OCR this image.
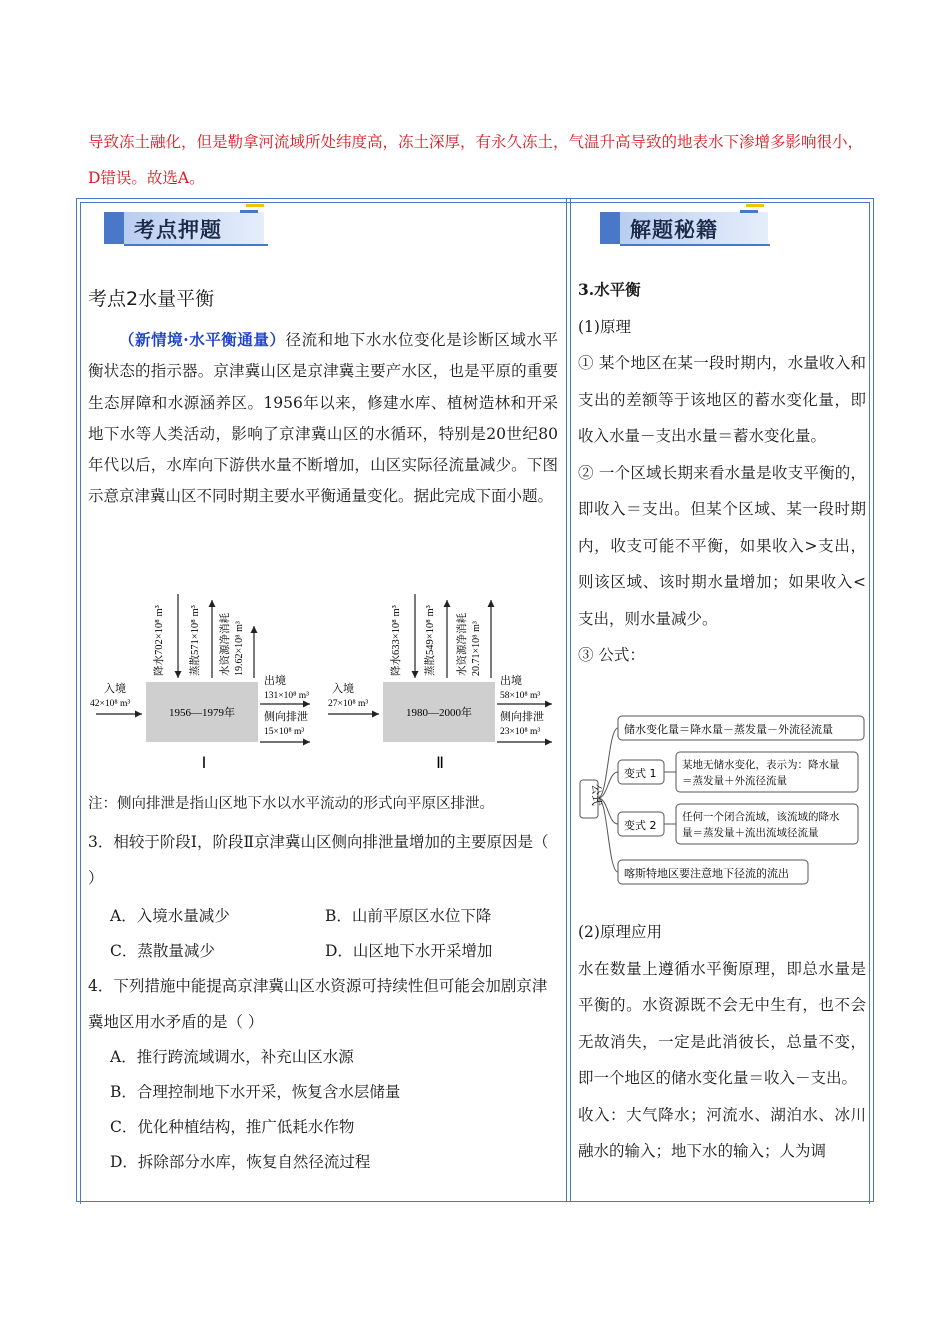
导致冻土融化，但是勒拿河流域所处纬度高，冻土深厚，有永久冻土，气温升高导致的地表水下渗增多影响很小，D错误。故选A。
考点押题	解题秘籍
考点2水量平衡
（新情境·水平衡通量）径流和地下水水位变化是诊断区域水平衡状态的指示器。京津冀山区是京津冀主要产水区，也是平原的重要生态屏障和水源涵养区。1956年以来，修建水库、植树造林和开采地下水等人类活动，影响了京津冀山区的水循环，特别是20世纪80年代以后，水库向下游供水量不断增加，山区实际径流量减少。下图示意京津冀山区不同时期主要水平衡通量变化。据此完成下面小题。
1956—1979年
入境
42×10⁸ m³
降水702×10⁸ m³ 蒸散571×10⁸ m³ 水资源净消耗 19.62×10⁸ m³
出境
131×10⁸ m³
侧向排泄
15×10⁸ m³
Ⅰ
1980—2000年
入境
27×10⁸ m³
降水633×10⁸ m³ 蒸散549×10⁸ m³ 水资源净消耗 20.71×10⁸ m³
出境
58×10⁸ m³
侧向排泄
23×10⁸ m³
Ⅱ
注：侧向排泄是指山区地下水以水平流动的形式向平原区排泄。
3．相较于阶段Ⅰ，阶段Ⅱ京津冀山区侧向排泄量增加的主要原因是（ ）
A．入境水量减少	B．山前平原区水位下降
C．蒸散量减少	D．山区地下水开采增加
4．下列措施中能提高京津冀山区水资源可持续性但可能会加剧京津冀地区用水矛盾的是（ ）
A．推行跨流域调水，补充山区水源
B．合理控制地下水开采，恢复含水层储量
C．优化种植结构，推广低耗水作物
D．拆除部分水库，恢复自然径流过程
3.水平衡
(1)原理
① 某个地区在某一段时期内，水量收入和支出的差额等于该地区的蓄水变化量，即收入水量－支出水量＝蓄水变化量。
② 一个区域长期来看水量是收支平衡的，即收入＝支出。但某个区域、某一段时期内，收支可能不平衡，如果收入>支出，则该区域、该时期水量增加；如果收入<支出，则水量减少。
③ 公式：
公式
储水变化量＝降水量－蒸发量－外流径流量
变式 1
某地无储水变化，表示为：降水量
＝蒸发量＋外流径流量
变式 2
任何一个闭合流域，该流域的降水
量＝蒸发量＋流出流域径流量
喀斯特地区要注意地下径流的流出
(2)原理应用
水在数量上遵循水平衡原理，即总水量是平衡的。水资源既不会无中生有，也不会无故消失，一定是此消彼长，总量不变，即一个地区的储水变化量＝收入－支出。
收入：大气降水；河流水、湖泊水、冰川融水的输入；地下水的输入；人为调
